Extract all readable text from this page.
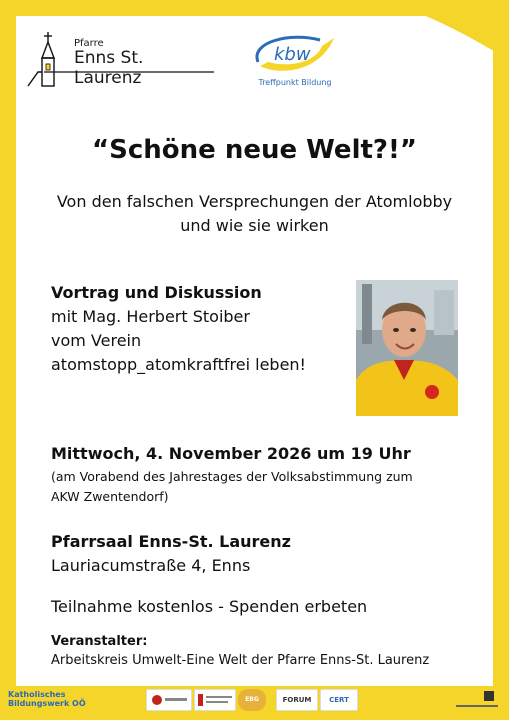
Pfarre
Enns St. Laurenz
kbw
Treffpunkt Bildung
“Schöne neue Welt?!”
Von den falschen Versprechungen der Atomlobby
und wie sie wirken
Vortrag und Diskussion
mit Mag. Herbert Stoiber
vom Verein
atomstopp_atomkraftfrei leben!
Mittwoch, 4. November 2026 um 19 Uhr
(am Vorabend des Jahrestages der Volksabstimmung zum
AKW Zwentendorf)
Pfarrsaal Enns-St. Laurenz
Lauriacumstraße 4, Enns
Teilnahme kostenlos - Spenden erbeten
Veranstalter:
Arbeitskreis Umwelt-Eine Welt der Pfarre Enns-St. Laurenz
Katholisches
Bildungswerk OÖ	EBG	FORUM	CERT
